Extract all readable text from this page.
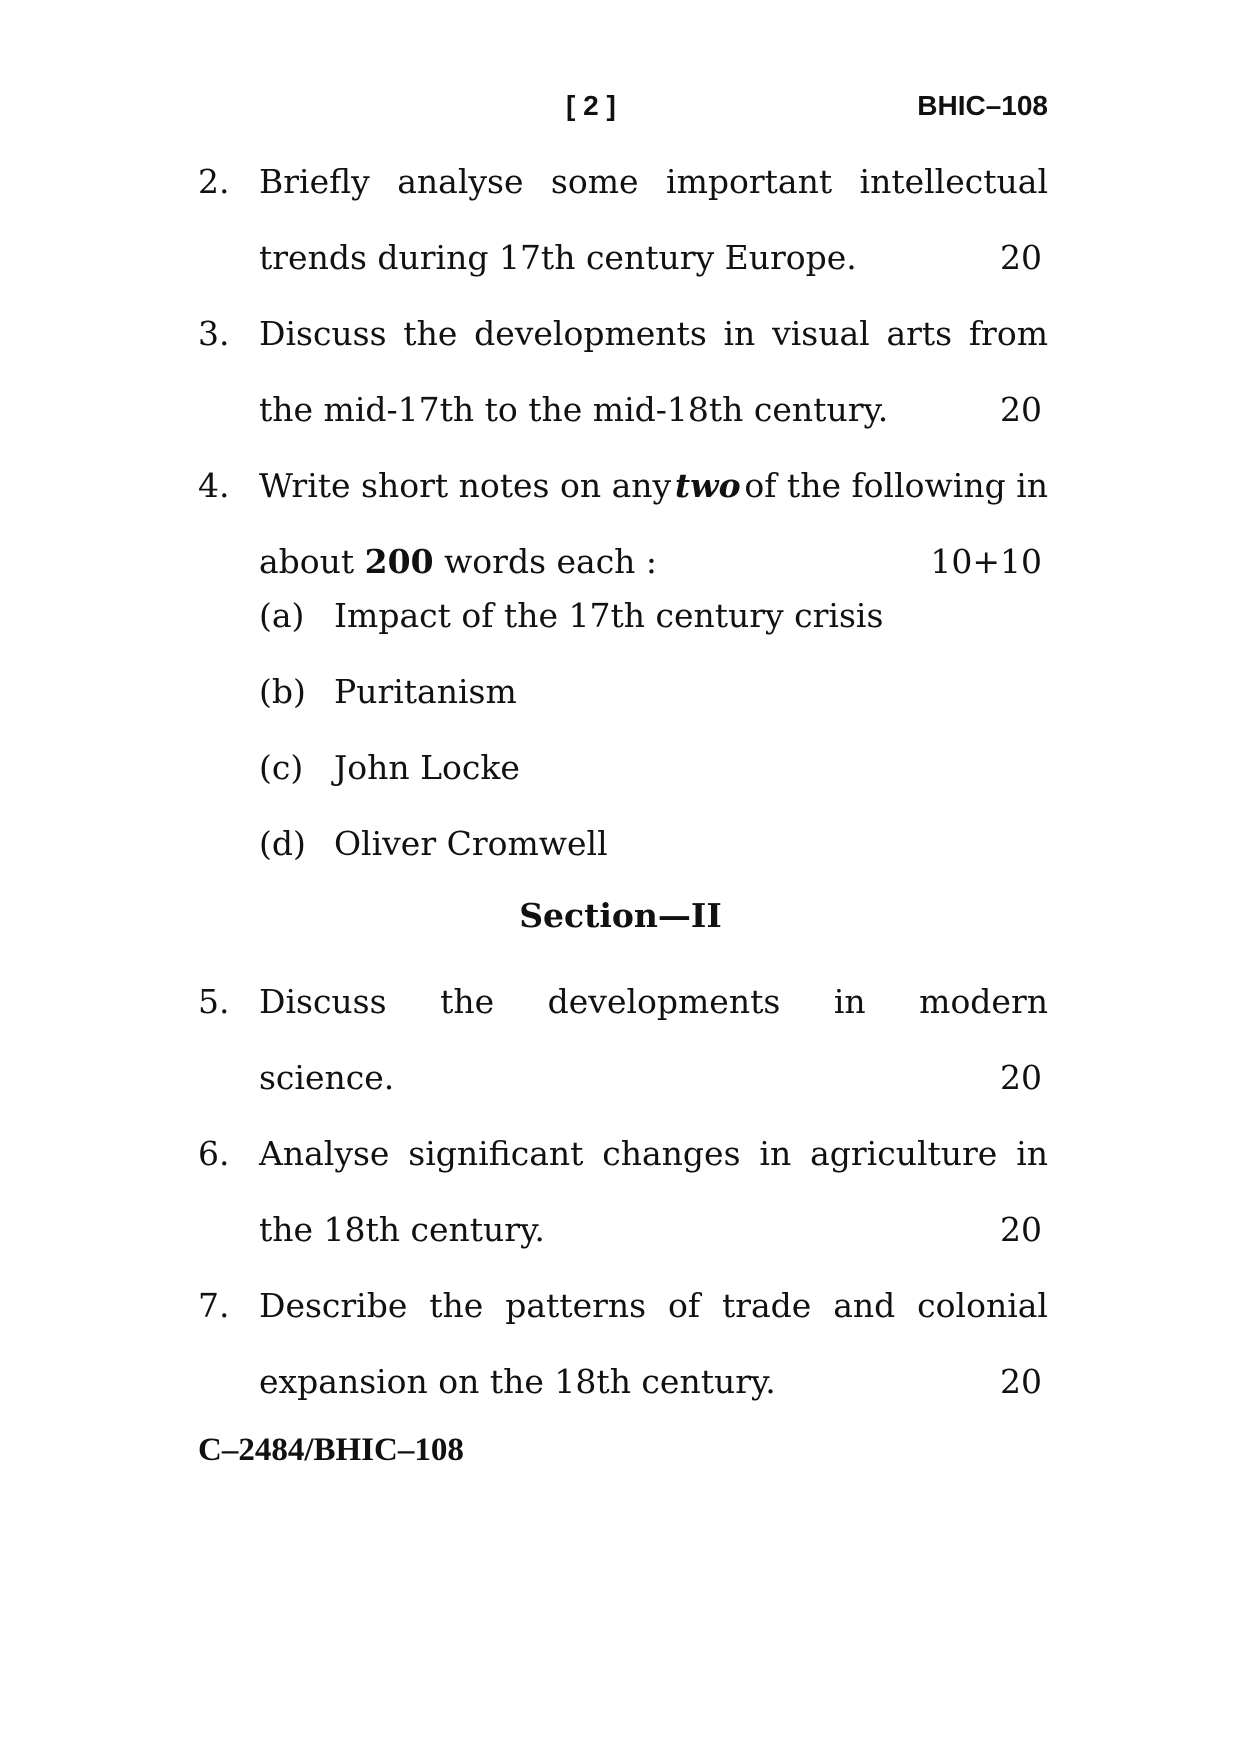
[ 2 ]	BHIC–108
2. Briefly analyse some important intellectual
trends during 17th century Europe.	20
3. Discuss the developments in visual arts from
the mid-17th to the mid-18th century.	20
4. Write short notes on any two of the following in
about 200 words each :	10+10
(a) Impact of the 17th century crisis
(b) Puritanism
(c) John Locke
(d) Oliver Cromwell
Section—II
5. Discuss the developments in modern
science.	20
6. Analyse significant changes in agriculture in
the 18th century.	20
7. Describe the patterns of trade and colonial
expansion on the 18th century.	20
C–2484/BHIC–108
